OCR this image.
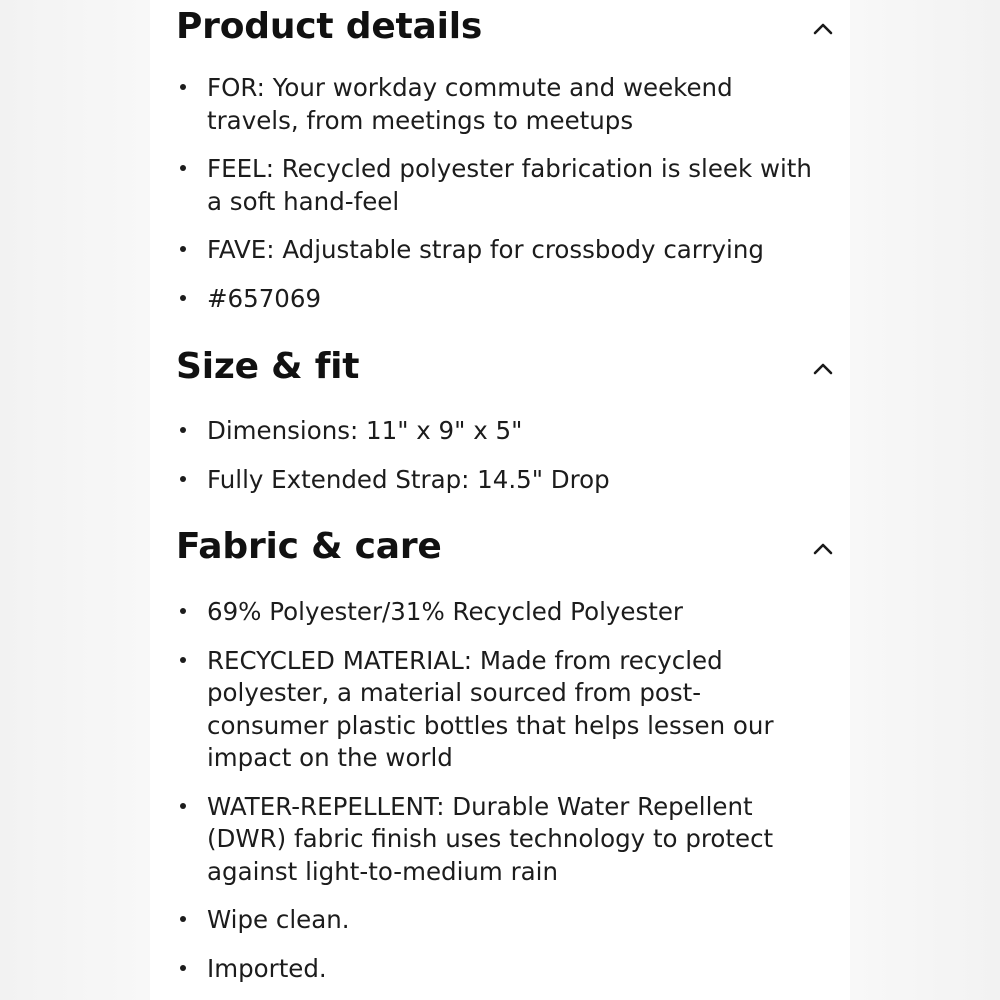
Product details
FOR: Your workday commute and weekend travels, from meetings to meetups
FEEL: Recycled polyester fabrication is sleek with a soft hand-feel
FAVE: Adjustable strap for crossbody carrying
#657069
Size & fit
Dimensions: 11" x 9" x 5"
Fully Extended Strap: 14.5" Drop
Fabric & care
69% Polyester/31% Recycled Polyester
RECYCLED MATERIAL: Made from recycled polyester, a material sourced from post-consumer plastic bottles that helps lessen our impact on the world
WATER-REPELLENT: Durable Water Repellent (DWR) fabric finish uses technology to protect against light-to-medium rain
Wipe clean.
Imported.
